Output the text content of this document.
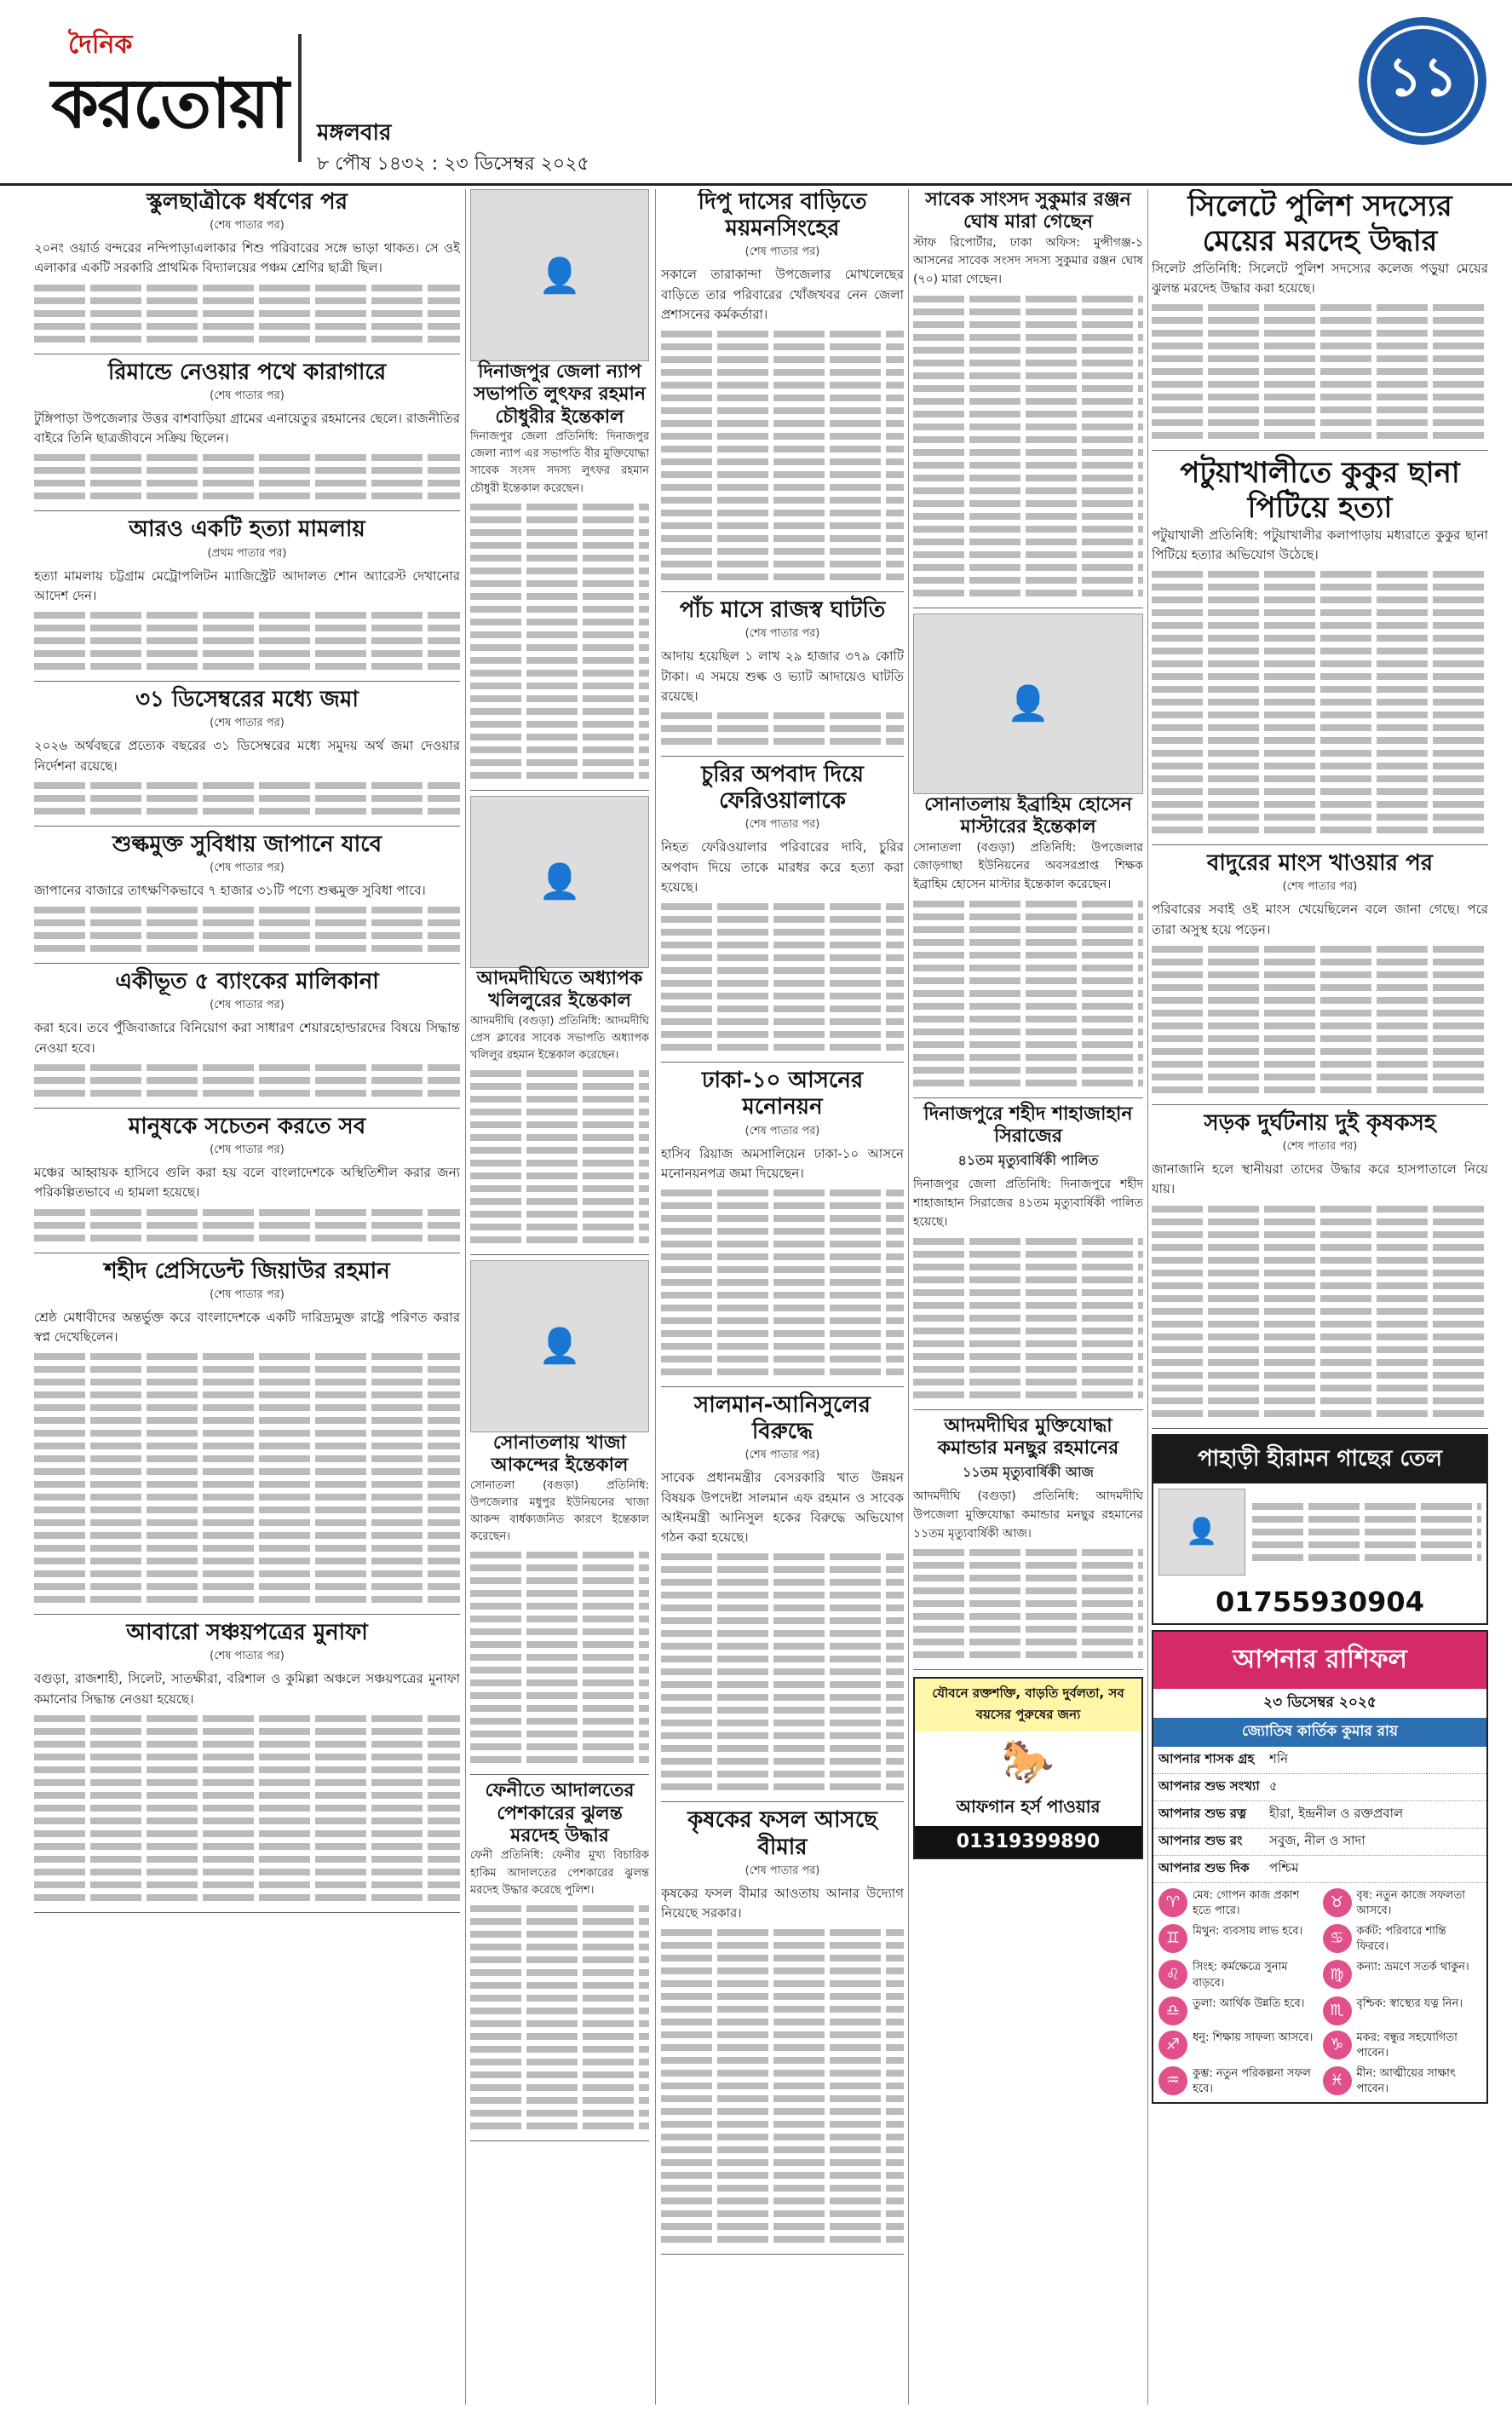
দৈনিক
করতোয়া মঙ্গলবার
৮ পৌষ ১৪৩২ : ২৩ ডিসেম্বর ২০২৫
১১
স্কুলছাত্রীকে ধর্ষণের পর
(শেষ পাতার পর)
২০নং ওয়ার্ড বন্দরের নন্দিপাড়াএলাকার শিশু পরিবারের সঙ্গে ভাড়া থাকত। সে ওই এলাকার একটি সরকারি প্রাথমিক বিদ্যালয়ের পঞ্চম শ্রেণির ছাত্রী ছিল।
রিমান্ডে নেওয়ার পথে কারাগারে
(শেষ পাতার পর)
টুঙ্গিপাড়া উপজেলার উত্তর বাশবাড়িয়া গ্রামের এনায়েতুর রহমানের ছেলে। রাজনীতির বাইরে তিনি ছাত্রজীবনে সক্রিয় ছিলেন।
আরও একটি হত্যা মামলায়
(প্রথম পাতার পর)
হত্যা মামলায় চট্টগ্রাম মেট্রোপলিটন ম্যাজিস্ট্রেট আদালত শোন অ্যারেস্ট দেখানোর আদেশ দেন।
৩১ ডিসেম্বরের মধ্যে জমা
(শেষ পাতার পর)
২০২৬ অর্থবছরে প্রত্যেক বছরের ৩১ ডিসেম্বরের মধ্যে সমুদয় অর্থ জমা দেওয়ার নির্দেশনা রয়েছে।
শুল্কমুক্ত সুবিধায় জাপানে যাবে
(শেষ পাতার পর)
জাপানের বাজারে তাৎক্ষণিকভাবে ৭ হাজার ৩১টি পণ্যে শুল্কমুক্ত সুবিধা পাবে।
একীভূত ৫ ব্যাংকের মালিকানা
(শেষ পাতার পর)
করা হবে। তবে পুঁজিবাজারে বিনিয়োগ করা সাধারণ শেয়ারহোল্ডারদের বিষয়ে সিদ্ধান্ত নেওয়া হবে।
মানুষকে সচেতন করতে সব
(শেষ পাতার পর)
মঞ্চের আহ্বায়ক হাসিবে গুলি করা হয় বলে বাংলাদেশকে অস্থিতিশীল করার জন্য পরিকল্পিতভাবে এ হামলা হয়েছে।
শহীদ প্রেসিডেন্ট জিয়াউর রহমান
(শেষ পাতার পর)
শ্রেষ্ঠ মেধাবীদের অন্তর্ভুক্ত করে বাংলাদেশকে একটি দারিদ্র্যমুক্ত রাষ্ট্রে পরিণত করার স্বপ্ন দেখেছিলেন।
আবারো সঞ্চয়পত্রের মুনাফা
(শেষ পাতার পর)
বগুড়া, রাজশাহী, সিলেট, সাতক্ষীরা, বরিশাল ও কুমিল্লা অঞ্চলে সঞ্চয়পত্রের মুনাফা কমানোর সিদ্ধান্ত নেওয়া হয়েছে।
👤
দিনাজপুর জেলা ন্যাপ সভাপতি লুৎফর রহমান চৌধুরীর ইন্তেকাল
দিনাজপুর জেলা প্রতিনিধি: দিনাজপুর জেলা ন্যাপ এর সভাপতি বীর মুক্তিযোদ্ধা সাবেক সংসদ সদস্য লুৎফর রহমান চৌধুরী ইন্তেকাল করেছেন।
👤
আদমদীঘিতে অধ্যাপক খলিলুরের ইন্তেকাল
আদমদীঘি (বগুড়া) প্রতিনিধি: আদমদীঘি প্রেস ক্লাবের সাবেক সভাপতি অধ্যাপক খলিলুর রহমান ইন্তেকাল করেছেন।
👤
সোনাতলায় খাজা আকন্দের ইন্তেকাল
সোনাতলা (বগুড়া) প্রতিনিধি: উপজেলার মধুপুর ইউনিয়নের খাজা আকন্দ বার্ধক্যজনিত কারণে ইন্তেকাল করেছেন।
ফেনীতে আদালতের পেশকারের ঝুলন্ত মরদেহ উদ্ধার
ফেনী প্রতিনিধি: ফেনীর মুখ্য বিচারিক হাকিম আদালতের পেশকারের ঝুলন্ত মরদেহ উদ্ধার করেছে পুলিশ।
দিপু দাসের বাড়িতে ময়মনসিংহের
(শেষ পাতার পর)
সকালে তারাকান্দা উপজেলার মোখলেছের বাড়িতে তার পরিবারের খোঁজখবর নেন জেলা প্রশাসনের কর্মকর্তারা।
পাঁচ মাসে রাজস্ব ঘাটতি
(শেষ পাতার পর)
আদায় হয়েছিল ১ লাখ ২৯ হাজার ৩৭৯ কোটি টাকা। এ সময়ে শুল্ক ও ভ্যাট আদায়েও ঘাটতি রয়েছে।
চুরির অপবাদ দিয়ে ফেরিওয়ালাকে
(শেষ পাতার পর)
নিহত ফেরিওয়ালার পরিবারের দাবি, চুরির অপবাদ দিয়ে তাকে মারধর করে হত্যা করা হয়েছে।
ঢাকা-১০ আসনের মনোনয়ন
(শেষ পাতার পর)
হাসিব রিয়াজ অমসালিয়েন ঢাকা-১০ আসনে মনোনয়নপত্র জমা দিয়েছেন।
সালমান-আনিসুলের বিরুদ্ধে
(শেষ পাতার পর)
সাবেক প্রধানমন্ত্রীর বেসরকারি খাত উন্নয়ন বিষয়ক উপদেষ্টা সালমান এফ রহমান ও সাবেক আইনমন্ত্রী আনিসুল হকের বিরুদ্ধে অভিযোগ গঠন করা হয়েছে।
কৃষকের ফসল আসছে বীমার
(শেষ পাতার পর)
কৃষকের ফসল বীমার আওতায় আনার উদ্যোগ নিয়েছে সরকার।
সাবেক সাংসদ সুকুমার রঞ্জন ঘোষ মারা গেছেন
স্টাফ রিপোর্টার, ঢাকা অফিস: মুন্সীগঞ্জ-১ আসনের সাবেক সংসদ সদস্য সুকুমার রঞ্জন ঘোষ (৭০) মারা গেছেন।
👤
সোনাতলায় ইব্রাহিম হোসেন মাস্টারের ইন্তেকাল
সোনাতলা (বগুড়া) প্রতিনিধি: উপজেলার জোড়গাছা ইউনিয়নের অবসরপ্রাপ্ত শিক্ষক ইব্রাহিম হোসেন মাস্টার ইন্তেকাল করেছেন।
দিনাজপুরে শহীদ শাহাজাহান সিরাজের
৪১তম মৃত্যুবার্ষিকী পালিত
দিনাজপুর জেলা প্রতিনিধি: দিনাজপুরে শহীদ শাহাজাহান সিরাজের ৪১তম মৃত্যুবার্ষিকী পালিত হয়েছে।
আদমদীঘির মুক্তিযোদ্ধা কমান্ডার মনছুর রহমানের
১১তম মৃত্যুবার্ষিকী আজ
আদমদীঘি (বগুড়া) প্রতিনিধি: আদমদীঘি উপজেলা মুক্তিযোদ্ধা কমান্ডার মনছুর রহমানের ১১তম মৃত্যুবার্ষিকী আজ।
যৌবনে রক্তশক্তি, বাড়তি দুর্বলতা, সব বয়সের পুরুষের জন্য
🐎
আফগান হর্স পাওয়ার
01319399890
সিলেটে পুলিশ সদস্যের মেয়ের মরদেহ উদ্ধার
সিলেট প্রতিনিধি: সিলেটে পুলিশ সদস্যের কলেজ পড়ুয়া মেয়ের ঝুলন্ত মরদেহ উদ্ধার করা হয়েছে।
পটুয়াখালীতে কুকুর ছানা পিটিয়ে হত্যা
পটুয়াখালী প্রতিনিধি: পটুয়াখালীর কলাপাড়ায় মধ্যরাতে কুকুর ছানা পিটিয়ে হত্যার অভিযোগ উঠেছে।
বাদুরের মাংস খাওয়ার পর
(শেষ পাতার পর)
পরিবারের সবাই ওই মাংস খেয়েছিলেন বলে জানা গেছে। পরে তারা অসুস্থ হয়ে পড়েন।
সড়ক দুর্ঘটনায় দুই কৃষকসহ
(শেষ পাতার পর)
জানাজানি হলে স্থানীয়রা তাদের উদ্ধার করে হাসপাতালে নিয়ে যায়।
পাহাড়ী হীরামন গাছের তেল
👤
01755930904
আপনার রাশিফল
২৩ ডিসেম্বর ২০২৫
জ্যোতিষ কার্তিক কুমার রায়
আপনার শাসক গ্রহ	শনি
আপনার শুভ সংখ্যা ৫
আপনার শুভ রত্ন	হীরা, ইন্দ্রনীল ও রক্তপ্রবাল
আপনার শুভ রং	সবুজ, নীল ও সাদা
আপনার শুভ দিক	পশ্চিম
♈	মেষ: গোপন কাজ প্রকাশ হতে পারে।	♉	বৃষ: নতুন কাজে সফলতা আসবে।
♊	মিথুন: ব্যবসায় লাভ হবে।	♋	কর্কট: পরিবারে শান্তি ফিরবে।
♌	সিংহ: কর্মক্ষেত্রে সুনাম বাড়বে।	♍	কন্যা: ভ্রমণে সতর্ক থাকুন।
♎	তুলা: আর্থিক উন্নতি হবে।	♏	বৃশ্চিক: স্বাস্থ্যের যত্ন নিন।
♐	ধনু: শিক্ষায় সাফল্য আসবে।	♑	মকর: বন্ধুর সহযোগিতা পাবেন।
♒	কুম্ভ: নতুন পরিকল্পনা সফল হবে।	♓	মীন: আত্মীয়ের সাক্ষাৎ পাবেন।
